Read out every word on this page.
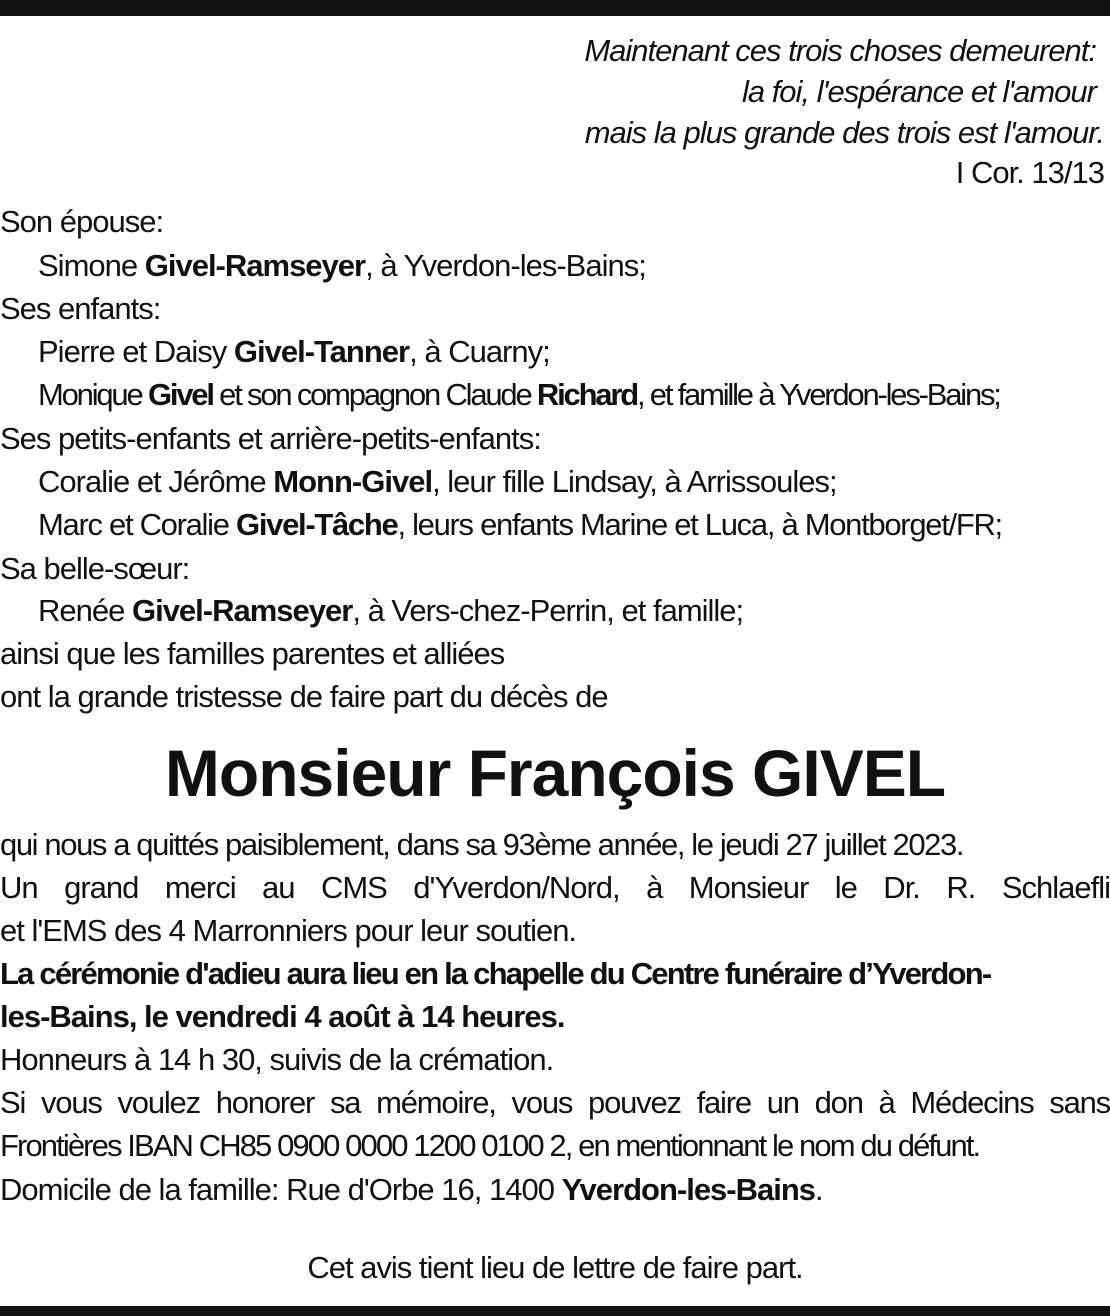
Maintenant ces trois choses demeurent:
la foi, l'espérance et l'amour
mais la plus grande des trois est l'amour.
I Cor. 13/13
Son épouse:
Simone Givel-Ramseyer, à Yverdon-les-Bains;
Ses enfants:
Pierre et Daisy Givel-Tanner, à Cuarny;
Monique Givel et son compagnon Claude Richard, et famille à Yverdon-les-Bains;
Ses petits-enfants et arrière-petits-enfants:
Coralie et Jérôme Monn-Givel, leur fille Lindsay, à Arrissoules;
Marc et Coralie Givel-Tâche, leurs enfants Marine et Luca, à Montborget/FR;
Sa belle-sœur:
Renée Givel-Ramseyer, à Vers-chez-Perrin, et famille;
ainsi que les familles parentes et alliées
ont la grande tristesse de faire part du décès de
Monsieur François GIVEL
qui nous a quittés paisiblement, dans sa 93ème année, le jeudi 27 juillet 2023.
Un grand merci au CMS d'Yverdon/Nord, à Monsieur le Dr. R. Schlaefli
et l'EMS des 4 Marronniers pour leur soutien.
La cérémonie d'adieu aura lieu en la chapelle du Centre funéraire d’Yverdon-
les-Bains, le vendredi 4 août à 14 heures.
Honneurs à 14 h 30, suivis de la crémation.
Si vous voulez honorer sa mémoire, vous pouvez faire un don à Médecins sans
Frontières IBAN CH85 0900 0000 1200 0100 2, en mentionnant le nom du défunt.
Domicile de la famille: Rue d'Orbe 16, 1400 Yverdon-les-Bains.
Cet avis tient lieu de lettre de faire part.
